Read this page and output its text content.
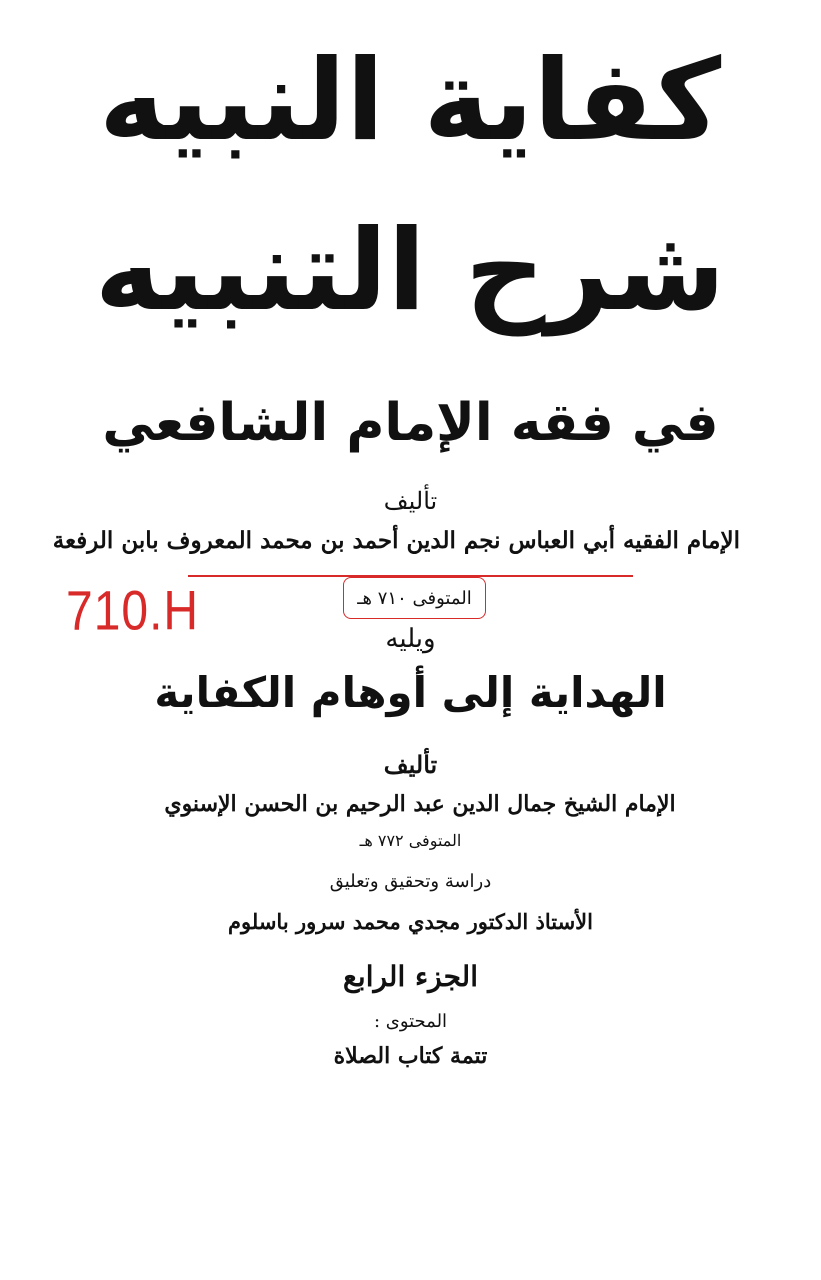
كفاية النبيه
شرح التنبيه
في فقه الإمام الشافعي
تأليف
الإمام الفقيه أبي العباس نجم الدين أحمد بن محمد المعروف بابن الرفعة
المتوفى ٧١٠ هـ
710.H	ويليه
الهداية إلى أوهام الكفاية
تأليف
الإمام الشيخ جمال الدين عبد الرحيم بن الحسن الإسنوي
المتوفى ٧٧٢ هـ
دراسة وتحقيق وتعليق
الأستاذ الدكتور مجدي محمد سرور باسلوم
الجزء الرابع
المحتوى :
تتمة كتاب الصلاة
